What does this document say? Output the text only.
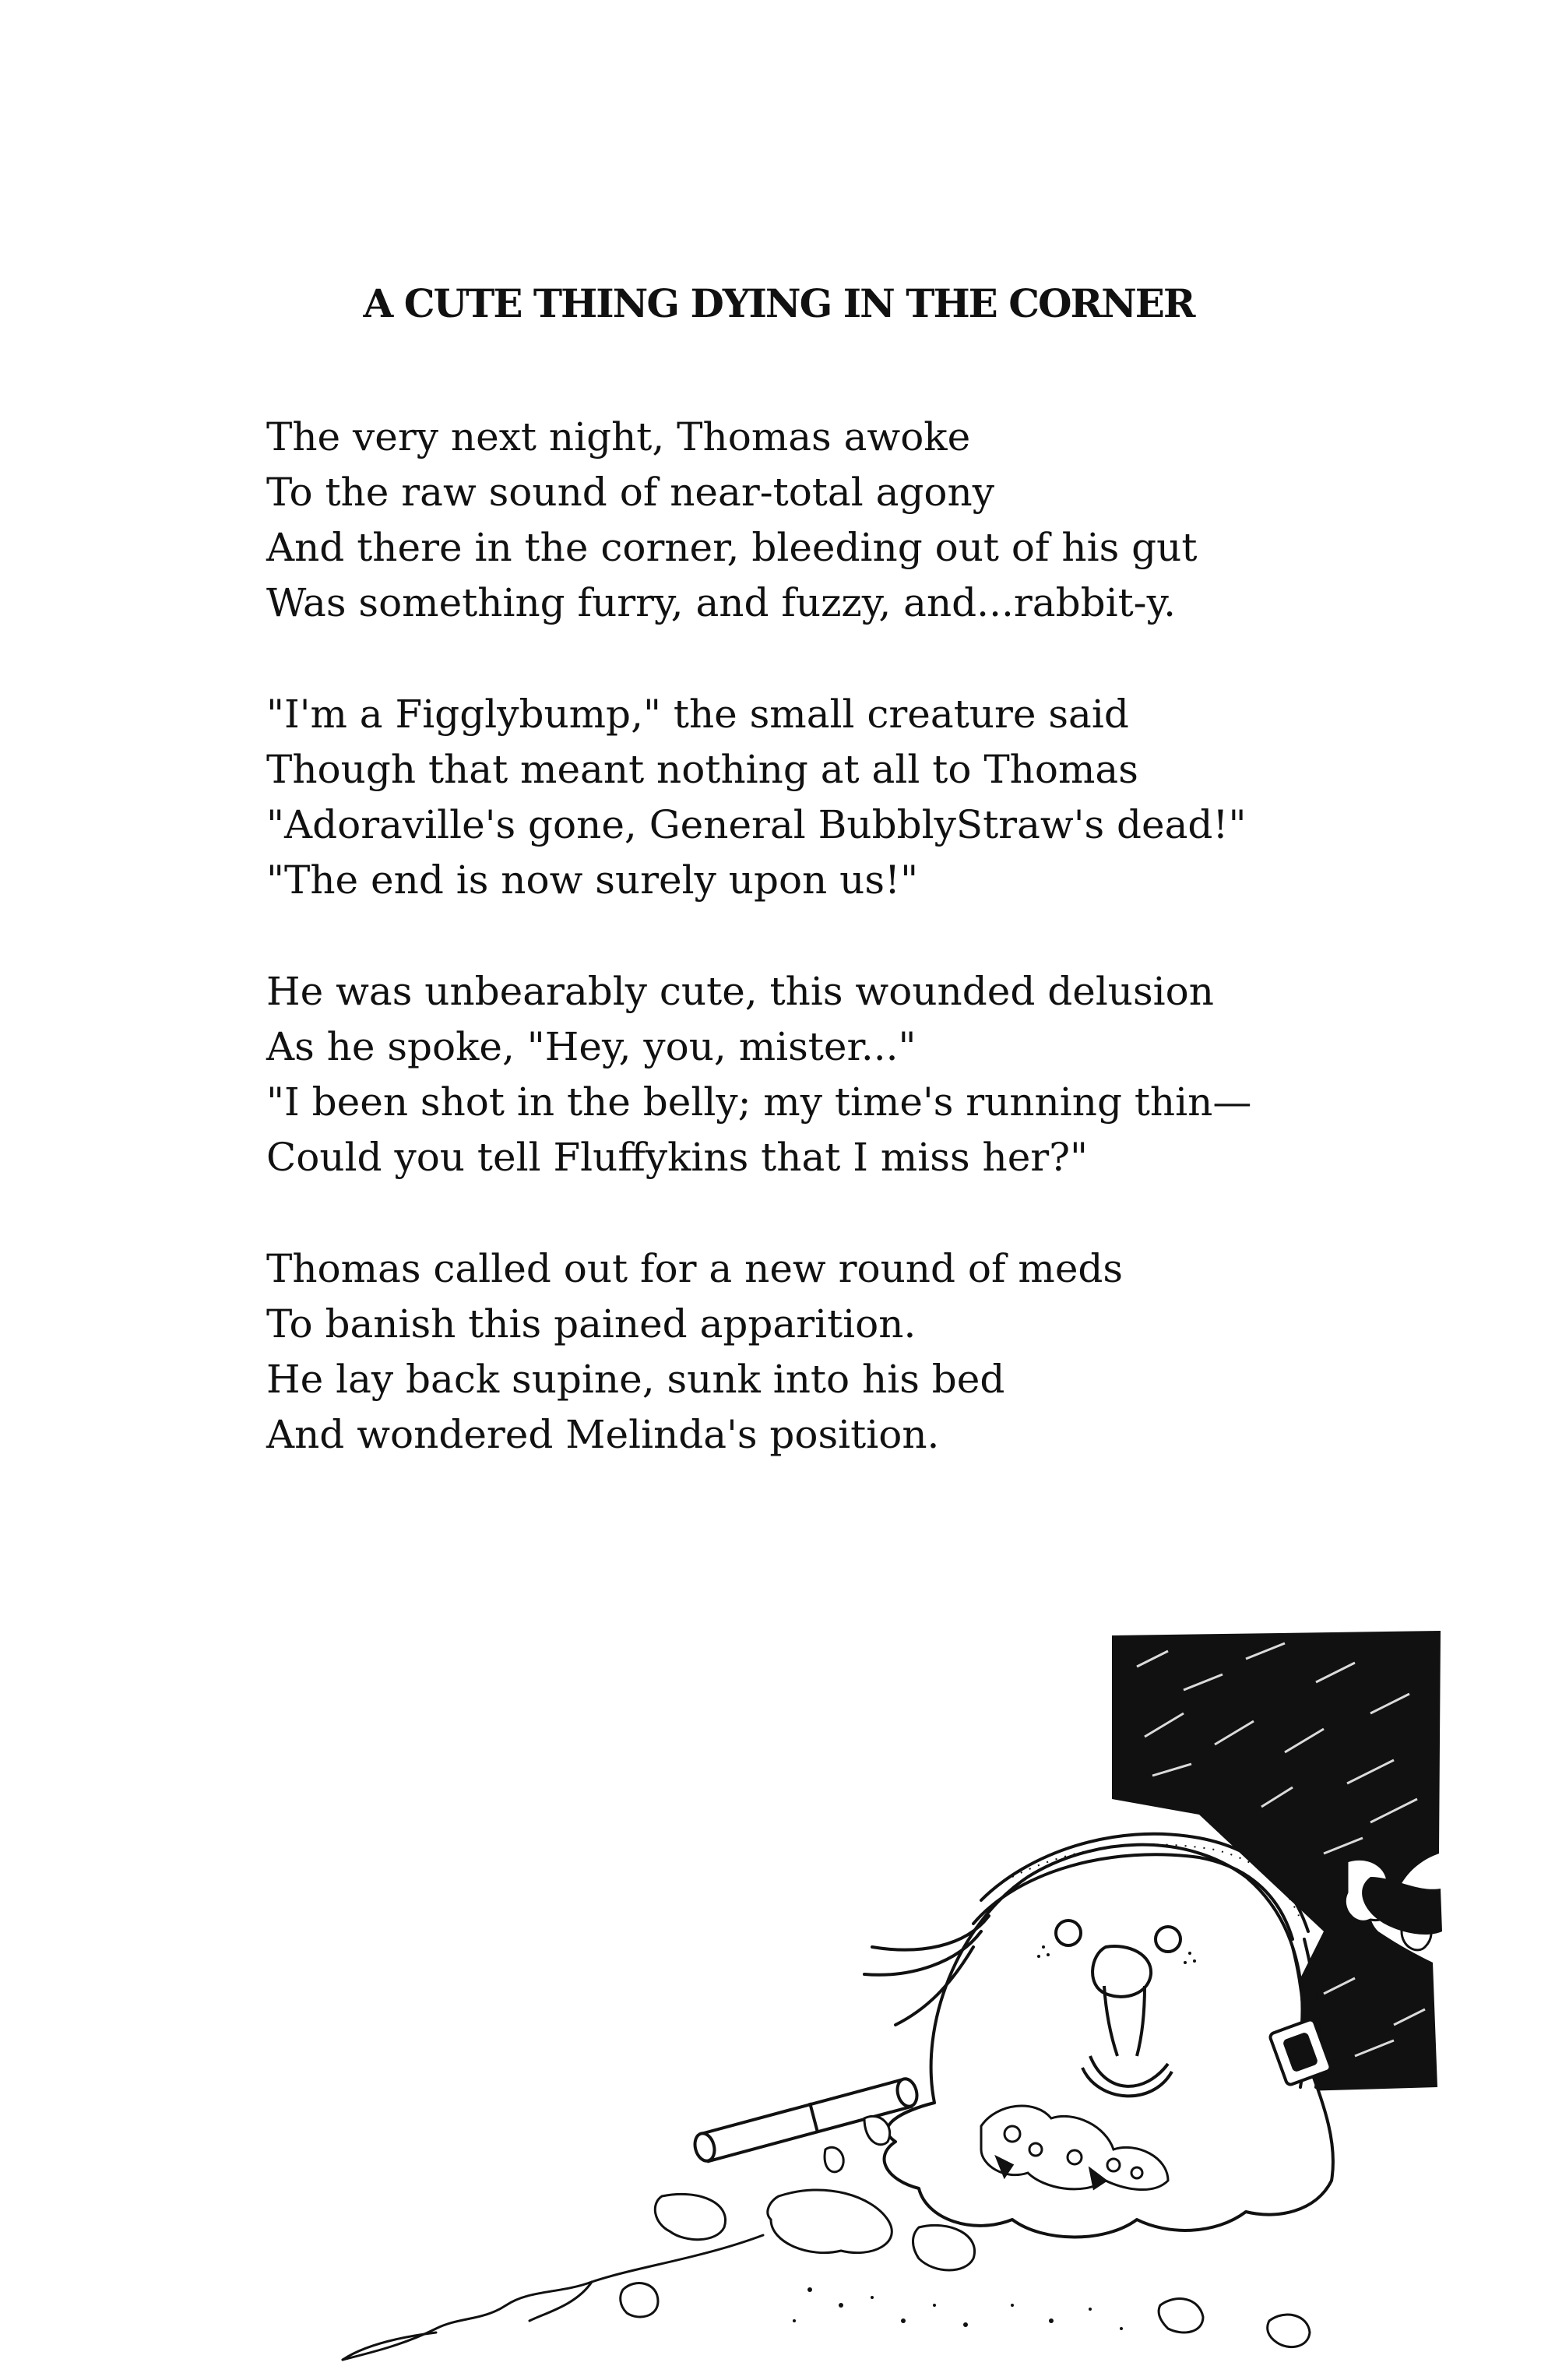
A CUTE THING DYING IN THE CORNER
The very next night, Thomas awoke
To the raw sound of near-total agony
And there in the corner, bleeding out of his gut
Was something furry, and fuzzy, and...rabbit-y.
"I'm a Figglybump," the small creature said
Though that meant nothing at all to Thomas
"Adoraville's gone, General BubblyStraw's dead!"
"The end is now surely upon us!"
He was unbearably cute, this wounded delusion
As he spoke, "Hey, you, mister..."
"I been shot in the belly; my time's running thin—
Could you tell Fluffykins that I miss her?"
Thomas called out for a new round of meds
To banish this pained apparition.
He lay back supine, sunk into his bed
And wondered Melinda's position.
